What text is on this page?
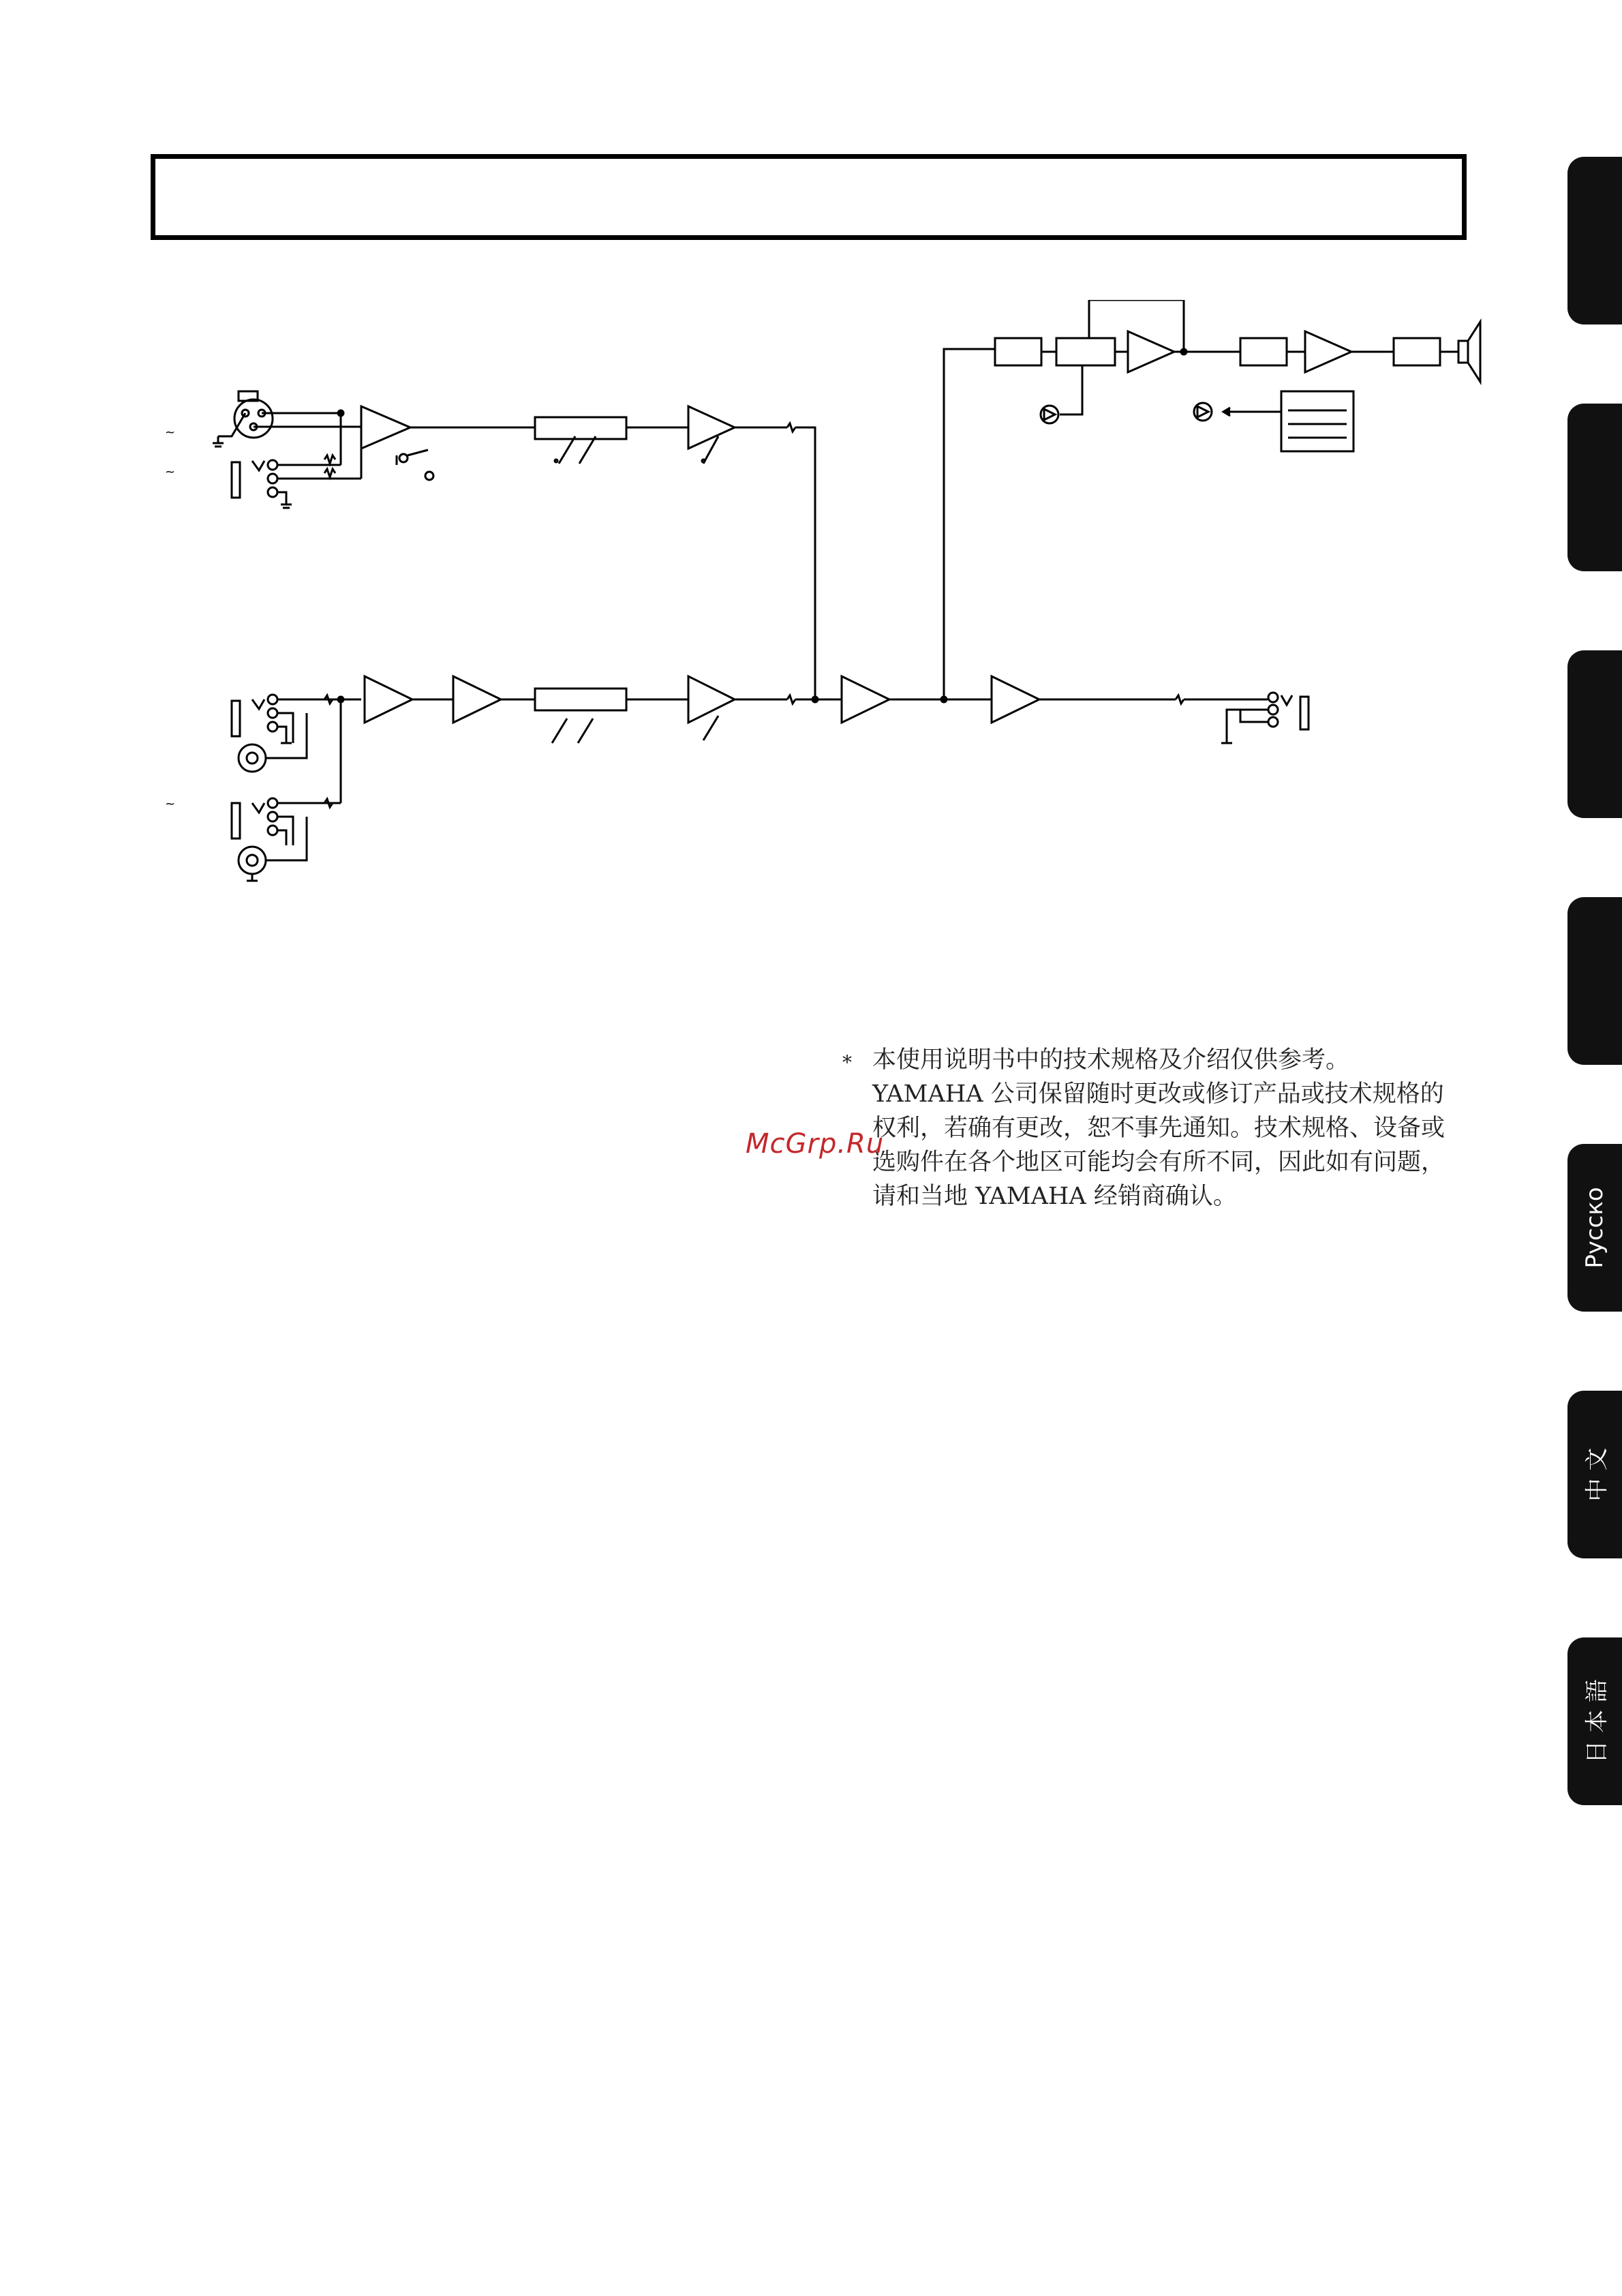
~
~
~
* 本使用说明书中的技术规格及介绍仅供参考。
YAMAHA 公司保留随时更改或修订产品或技术规格的
权利，若确有更改，恕不事先通知。技术规格、设备或
选购件在各个地区可能均会有所不同，因此如有问题，
请和当地 YAMAHA 经销商确认。
McGrp.Ru
Русско
中 文
日 本 語
